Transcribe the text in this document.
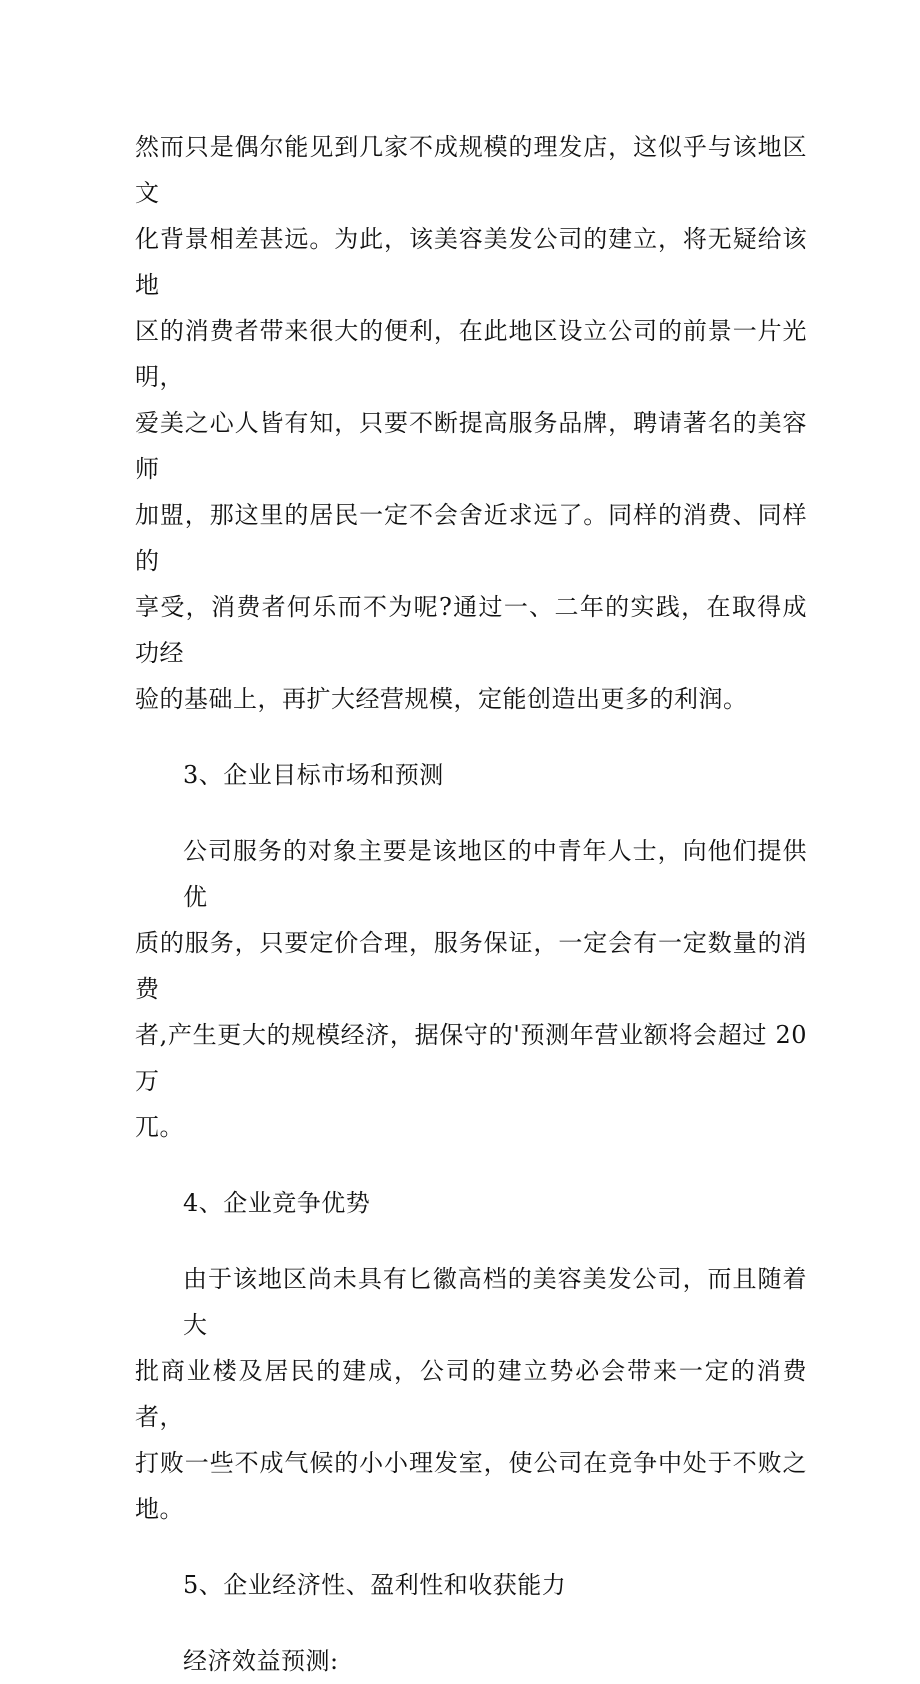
然而只是偶尔能见到几家不成规模的理发店，这似乎与该地区文
化背景相差甚远。为此，该美容美发公司的建立，将无疑给该地
区的消费者带来很大的便利，在此地区设立公司的前景一片光明，
爱美之心人皆有知，只要不断提高服务品牌，聘请著名的美容师
加盟，那这里的居民一定不会舍近求远了。同样的消费、同样的
享受，消费者何乐而不为呢?通过一、二年的实践，在取得成功经
验的基础上，再扩大经营规模，定能创造出更多的利润。

3、企业目标市场和预测

公司服务的对象主要是该地区的中青年人士，向他们提供优
质的服务，只要定价合理，服务保证，一定会有一定数量的消费
者,产生更大的规模经济，据保守的'预测年营业额将会超过 20 万
兀。

4、企业竞争优势

由于该地区尚未具有匕徽高档的美容美发公司，而且随着大
批商业楼及居民的建成，公司的建立势必会带来一定的消费者，
打败一些不成气候的小小理发室，使公司在竞争中处于不败之地。

5、企业经济性、盈利性和收获能力

经济效益预测:
